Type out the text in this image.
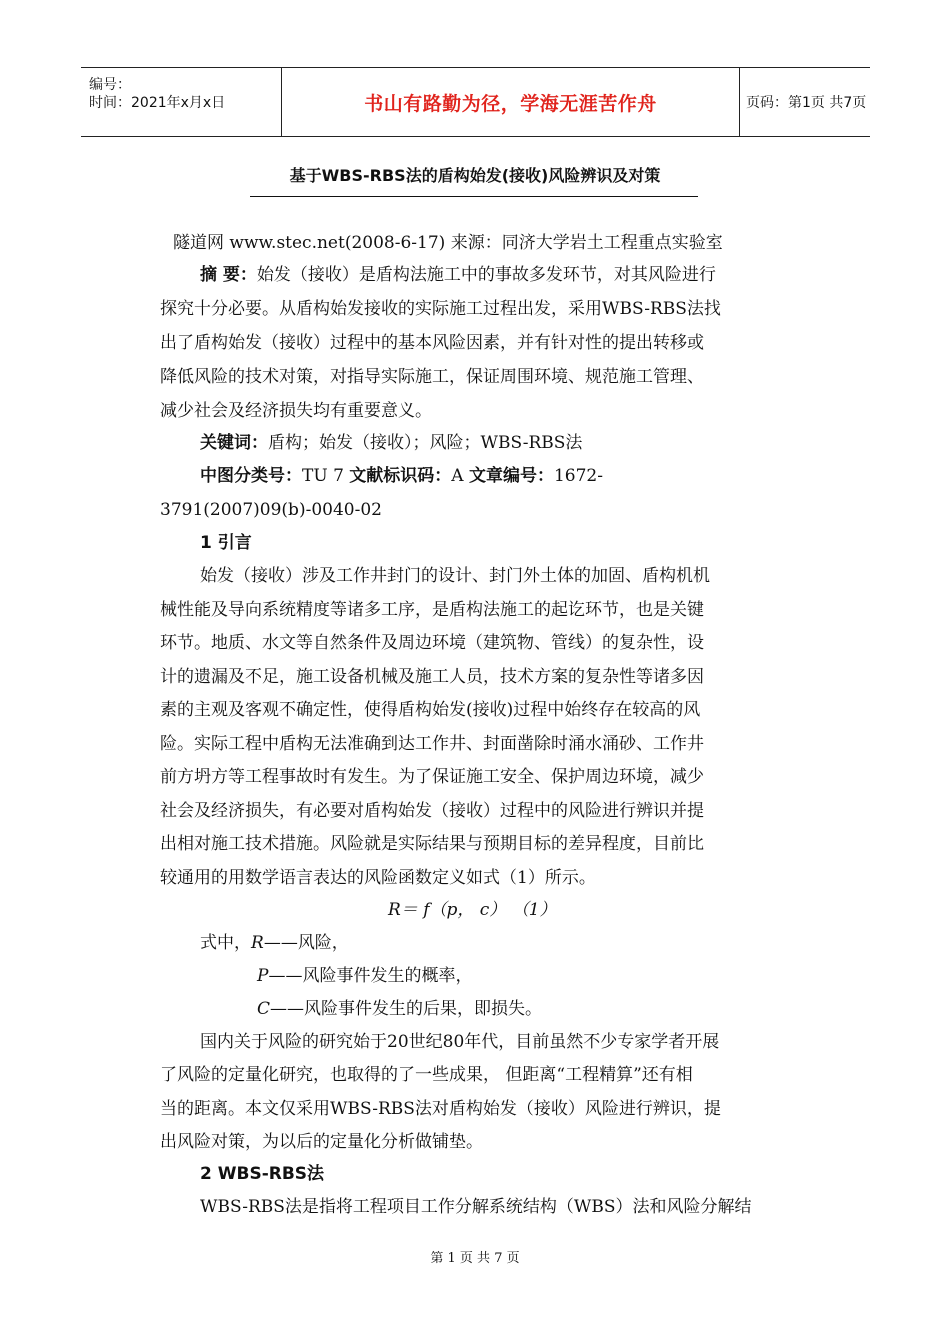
编号：
时间：2021年x月x日	书山有路勤为径，学海无涯苦作舟	页码：第1页 共7页
基于WBS-RBS法的盾构始发(接收)风险辨识及对策
隧道网 www.stec.net(2008-6-17) 来源：同济大学岩土工程重点实验室
摘 要：始发（接收）是盾构法施工中的事故多发环节，对其风险进行
探究十分必要。从盾构始发接收的实际施工过程出发，采用WBS-RBS法找
出了盾构始发（接收）过程中的基本风险因素，并有针对性的提出转移或
降低风险的技术对策，对指导实际施工，保证周围环境、规范施工管理、
减少社会及经济损失均有重要意义。
关键词：盾构；始发（接收）；风险；WBS-RBS法
中图分类号：TU 7 文献标识码：A 文章编号：1672-
3791(2007)09(b)-0040-02
1 引言
始发（接收）涉及工作井封门的设计、封门外土体的加固、盾构机机
械性能及导向系统精度等诸多工序，是盾构法施工的起讫环节，也是关键
环节。地质、水文等自然条件及周边环境（建筑物、管线）的复杂性，设
计的遗漏及不足，施工设备机械及施工人员，技术方案的复杂性等诸多因
素的主观及客观不确定性，使得盾构始发(接收)过程中始终存在较高的风
险。实际工程中盾构无法准确到达工作井、封面凿除时涌水涌砂、工作井
前方坍方等工程事故时有发生。为了保证施工安全、保护周边环境，减少
社会及经济损失，有必要对盾构始发（接收）过程中的风险进行辨识并提
出相对施工技术措施。风险就是实际结果与预期目标的差异程度，目前比
较通用的用数学语言表达的风险函数定义如式（1）所示。
R＝ f（p， c） （1）
式中，R——风险，
P——风险事件发生的概率，
C——风险事件发生的后果，即损失。
国内关于风险的研究始于20世纪80年代，目前虽然不少专家学者开展
了风险的定量化研究，也取得的了一些成果， 但距离“工程精算”还有相
当的距离。本文仅采用WBS-RBS法对盾构始发（接收）风险进行辨识，提
出风险对策，为以后的定量化分析做铺垫。
2 WBS-RBS法
WBS-RBS法是指将工程项目工作分解系统结构（WBS）法和风险分解结
第 1 页 共 7 页
